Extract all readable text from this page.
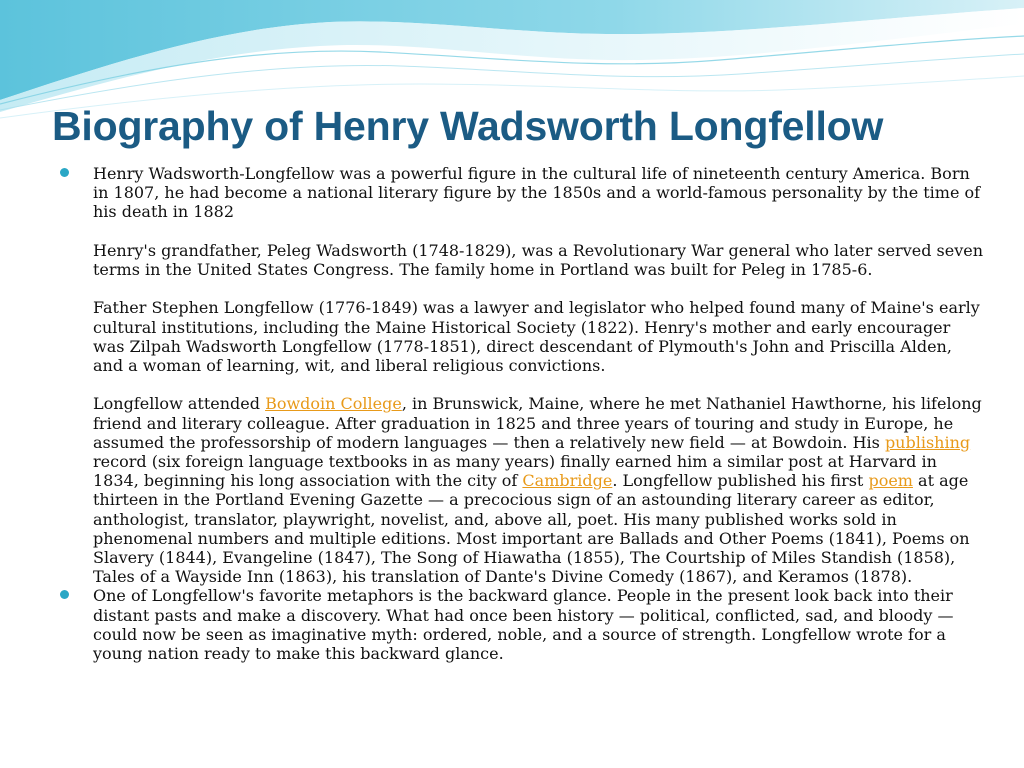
Biography of Henry Wadsworth Longfellow

Henry Wadsworth-Longfellow was a powerful figure in the cultural life of nineteenth century America. Born in 1807, he had become a national literary figure by the 1850s and a world-famous personality by the time of his death in 1882

Henry's grandfather, Peleg Wadsworth (1748-1829), was a Revolutionary War general who later served seven terms in the United States Congress. The family home in Portland was built for Peleg in 1785-6.

Father Stephen Longfellow (1776-1849) was a lawyer and legislator who helped found many of Maine's early cultural institutions, including the Maine Historical Society (1822). Henry's mother and early encourager was Zilpah Wadsworth Longfellow (1778-1851), direct descendant of Plymouth's John and Priscilla Alden, and a woman of learning, wit, and liberal religious convictions.

Longfellow attended Bowdoin College, in Brunswick, Maine, where he met Nathaniel Hawthorne, his lifelong friend and literary colleague. After graduation in 1825 and three years of touring and study in Europe, he assumed the professorship of modern languages — then a relatively new field — at Bowdoin. His publishing record (six foreign language textbooks in as many years) finally earned him a similar post at Harvard in 1834, beginning his long association with the city of Cambridge. Longfellow published his first poem at age thirteen in the Portland Evening Gazette — a precocious sign of an astounding literary career as editor, anthologist, translator, playwright, novelist, and, above all, poet. His many published works sold in phenomenal numbers and multiple editions. Most important are Ballads and Other Poems (1841), Poems on Slavery (1844), Evangeline (1847), The Song of Hiawatha (1855), The Courtship of Miles Standish (1858), Tales of a Wayside Inn (1863), his translation of Dante's Divine Comedy (1867), and Keramos (1878).

One of Longfellow's favorite metaphors is the backward glance. People in the present look back into their distant pasts and make a discovery. What had once been history — political, conflicted, sad, and bloody — could now be seen as imaginative myth: ordered, noble, and a source of strength. Longfellow wrote for a young nation ready to make this backward glance.
